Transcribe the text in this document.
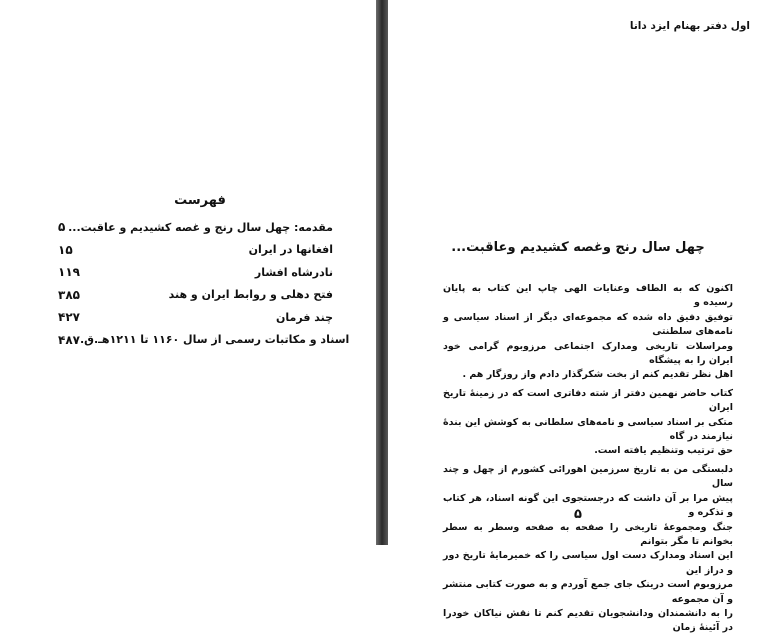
فهرست
۵ مقدمه: چهل سال رنج و غصه کشیدیم و عاقبت...
۱۵	افغانها در ایران
۱۱۹	نادرشاه افشار
۳۸۵	فتح دهلی و روابط ایران و هند
۴۲۷	چند فرمان
۴۸۷ اسناد و مکاتبات رسمی از سال ۱۱۶۰ تا ۱۲۱۱هـ.ق.
اول دفتر بهنام ایزد دانا
چهل سال رنج وغصه کشیدیم وعاقبت...

اکنون که به الطاف وعنایات الهی چاپ این کتاب به پایان رسیده و

توفیق دفیق داه شده که مجموعه‌ای دیگر از اسناد سیاسی و نامه‌های سلطنتی

ومراسلات تاریخی ومدارک اجتماعی مرزوبوم گرامی خود ایران را به پیشگاه

اهل نظر تقدیم کنم از بخت شکرگذار دادم واز روزگار هم .

کتاب حاضر نهمین دفتر از شته دفاتری است که در زمینهٔ تاریخ ایران

متکی بر اسناد سیاسی و نامه‌های سلطانی به کوشش این بندهٔ نیازمند در گاه

حق ترتیب وتنظیم یافته است.

دلبستگی من به تاریخ سرزمین اهورائی کشورم از چهل و چند سال

پیش مرا بر آن داشت که درجستجوی این گونه اسناد، هر کتاب و تذکره و

جنگ ومجموعهٔ تاریخی را صفحه به صفحه وسطر به سطر بخوانم تا مگر بتوانم

این اسناد ومدارک دست اول سیاسی را که خمیرمایهٔ تاریخ دور و دراز این

مرزوبوم است درینک جای جمع آوردم و به صورت کتابی منتشر و آن مجموعه

را به دانشمندان ودانشجویان تقدیم کنم تا نقش نیاکان خودرا در آئینهٔ زمان

۵
